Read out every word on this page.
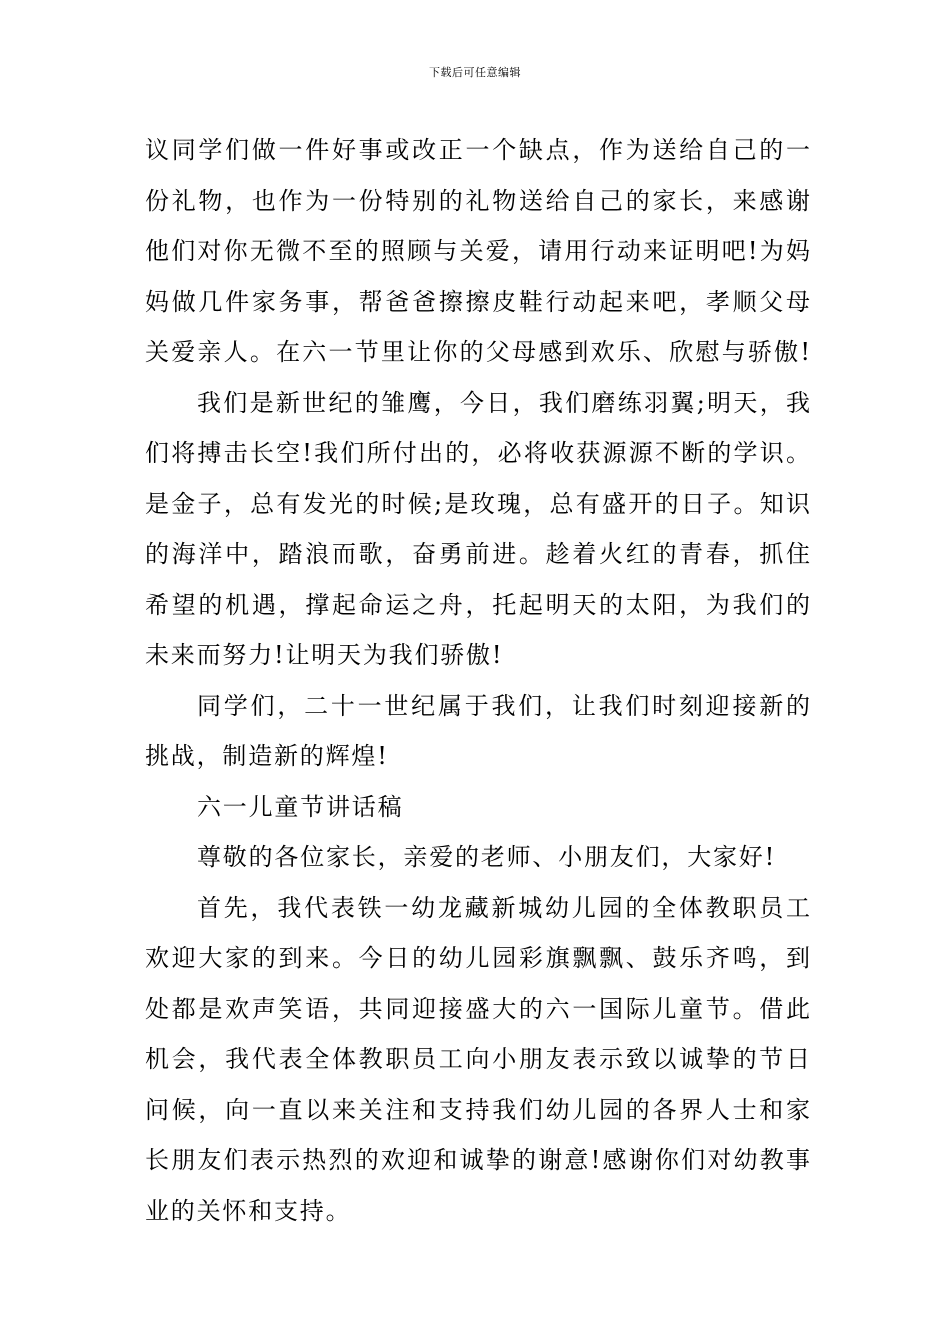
下载后可任意编辑
议同学们做一件好事或改正一个缺点，作为送给自己的一
份礼物，也作为一份特别的礼物送给自己的家长，来感谢
他们对你无微不至的照顾与关爱，请用行动来证明吧!为妈
妈做几件家务事，帮爸爸擦擦皮鞋行动起来吧，孝顺父母
关爱亲人。在六一节里让你的父母感到欢乐、欣慰与骄傲!
我们是新世纪的雏鹰，今日，我们磨练羽翼;明天，我
们将搏击长空!我们所付出的，必将收获源源不断的学识。
是金子，总有发光的时候;是玫瑰，总有盛开的日子。知识
的海洋中，踏浪而歌，奋勇前进。趁着火红的青春，抓住
希望的机遇，撑起命运之舟，托起明天的太阳，为我们的
未来而努力!让明天为我们骄傲!
同学们，二十一世纪属于我们，让我们时刻迎接新的
挑战，制造新的辉煌!
六一儿童节讲话稿
尊敬的各位家长，亲爱的老师、小朋友们，大家好!
首先，我代表铁一幼龙藏新城幼儿园的全体教职员工
欢迎大家的到来。今日的幼儿园彩旗飘飘、鼓乐齐鸣，到
处都是欢声笑语，共同迎接盛大的六一国际儿童节。借此
机会，我代表全体教职员工向小朋友表示致以诚挚的节日
问候，向一直以来关注和支持我们幼儿园的各界人士和家
长朋友们表示热烈的欢迎和诚挚的谢意!感谢你们对幼教事
业的关怀和支持。
